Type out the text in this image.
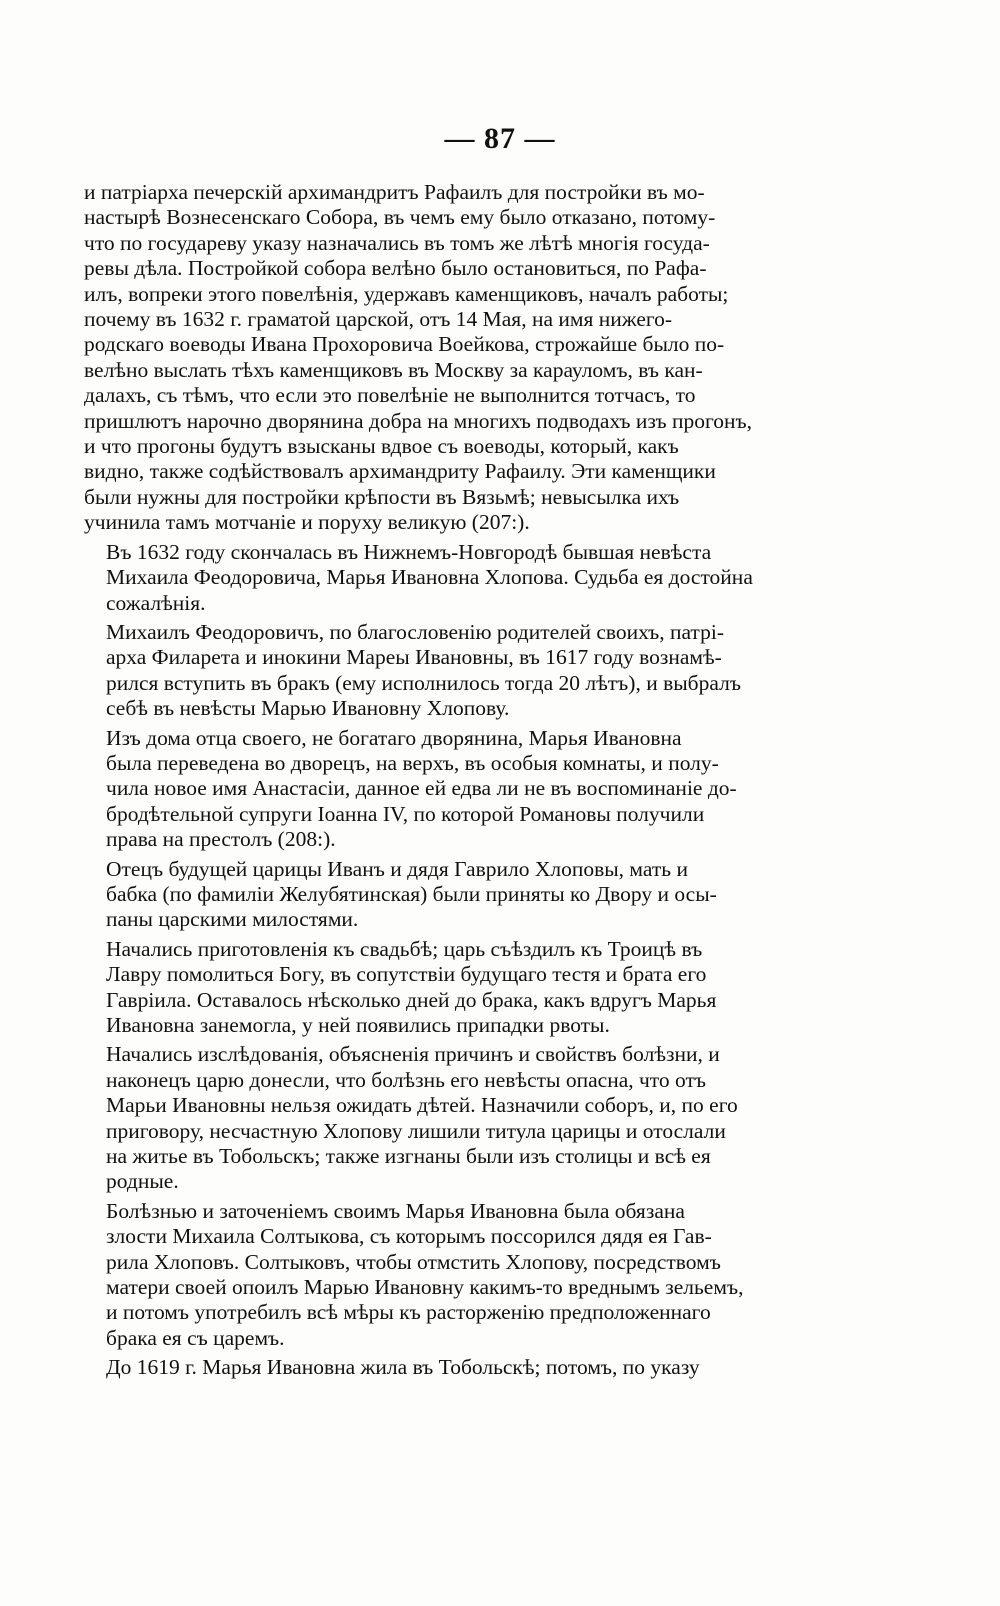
— 87 —

и патріарха печерскій архимандритъ Рафаилъ для постройки въ мо-
настырѣ Вознесенскаго Собора, въ чемъ ему было отказано, потому-
что по государеву указу назначались въ томъ же лѣтѣ многія госуда-
ревы дѣла. Постройкой собора велѣно было остановиться, по Рафа-
илъ, вопреки этого повелѣнія, удержавъ каменщиковъ, началъ работы;
почему въ 1632 г. граматой царской, отъ 14 Мая, на имя нижего-
родскаго воеводы Ивана Прохоровича Воейкова, строжайше было по-
велѣно выслать тѣхъ каменщиковъ въ Москву за карауломъ, въ кан-
далахъ, съ тѣмъ, что если это повелѣніе не выполнится тотчасъ, то
пришлютъ нарочно дворянина добра на многихъ подводахъ изъ прогонъ,
и что прогоны будутъ взысканы вдвое съ воеводы, который, какъ
видно, также содѣйствовалъ архимандриту Рафаилу. Эти каменщики
были нужны для постройки крѣпости въ Вязьмѣ; невысылка ихъ
учинила тамъ мотчаніе и поруху великую (207:).

Въ 1632 году скончалась въ Нижнемъ-Новгородѣ бывшая невѣста
Михаила Феодоровича, Марья Ивановна Хлопова. Судьба ея достойна
сожалѣнія.

Михаилъ Феодоровичъ, по благословенію родителей своихъ, патрі-
арха Филарета и инокини Мареы Ивановны, въ 1617 году вознамѣ-
рился вступить въ бракъ (ему исполнилось тогда 20 лѣтъ), и выбралъ
себѣ въ невѣсты Марью Ивановну Хлопову.

Изъ дома отца своего, не богатаго дворянина, Марья Ивановна
была переведена во дворецъ, на верхъ, въ особыя комнаты, и полу-
чила новое имя Анастасіи, данное ей едва ли не въ воспоминаніе до-
бродѣтельной супруги Іоанна IV, по которой Романовы получили
права на престолъ (208:).

Отецъ будущей царицы Иванъ и дядя Гаврило Хлоповы, мать и
бабка (по фамиліи Желубятинская) были приняты ко Двору и осы-
паны царскими милостями.

Начались приготовленія къ свадьбѣ; царь съѣздилъ къ Троицѣ въ
Лавру помолиться Богу, въ сопутствіи будущаго тестя и брата его
Гавріила. Оставалось нѣсколько дней до брака, какъ вдругъ Марья
Ивановна занемогла, у ней появились припадки рвоты.

Начались изслѣдованія, объясненія причинъ и свойствъ болѣзни, и
наконецъ царю донесли, что болѣзнь его невѣсты опасна, что отъ
Марьи Ивановны нельзя ожидать дѣтей. Назначили соборъ, и, по его
приговору, несчастную Хлопову лишили титула царицы и отослали
на житье въ Тобольскъ; также изгнаны были изъ столицы и всѣ ея
родные.

Болѣзнью и заточеніемъ своимъ Марья Ивановна была обязана
злости Михаила Солтыкова, съ которымъ поссорился дядя ея Гав-
рила Хлоповъ. Солтыковъ, чтобы отмстить Хлопову, посредствомъ
матери своей опоилъ Марью Ивановну какимъ-то вреднымъ зельемъ,
и потомъ употребилъ всѣ мѣры къ расторженію предположеннаго
брака ея съ царемъ.

До 1619 г. Марья Ивановна жила въ Тобольскѣ; потомъ, по указу
